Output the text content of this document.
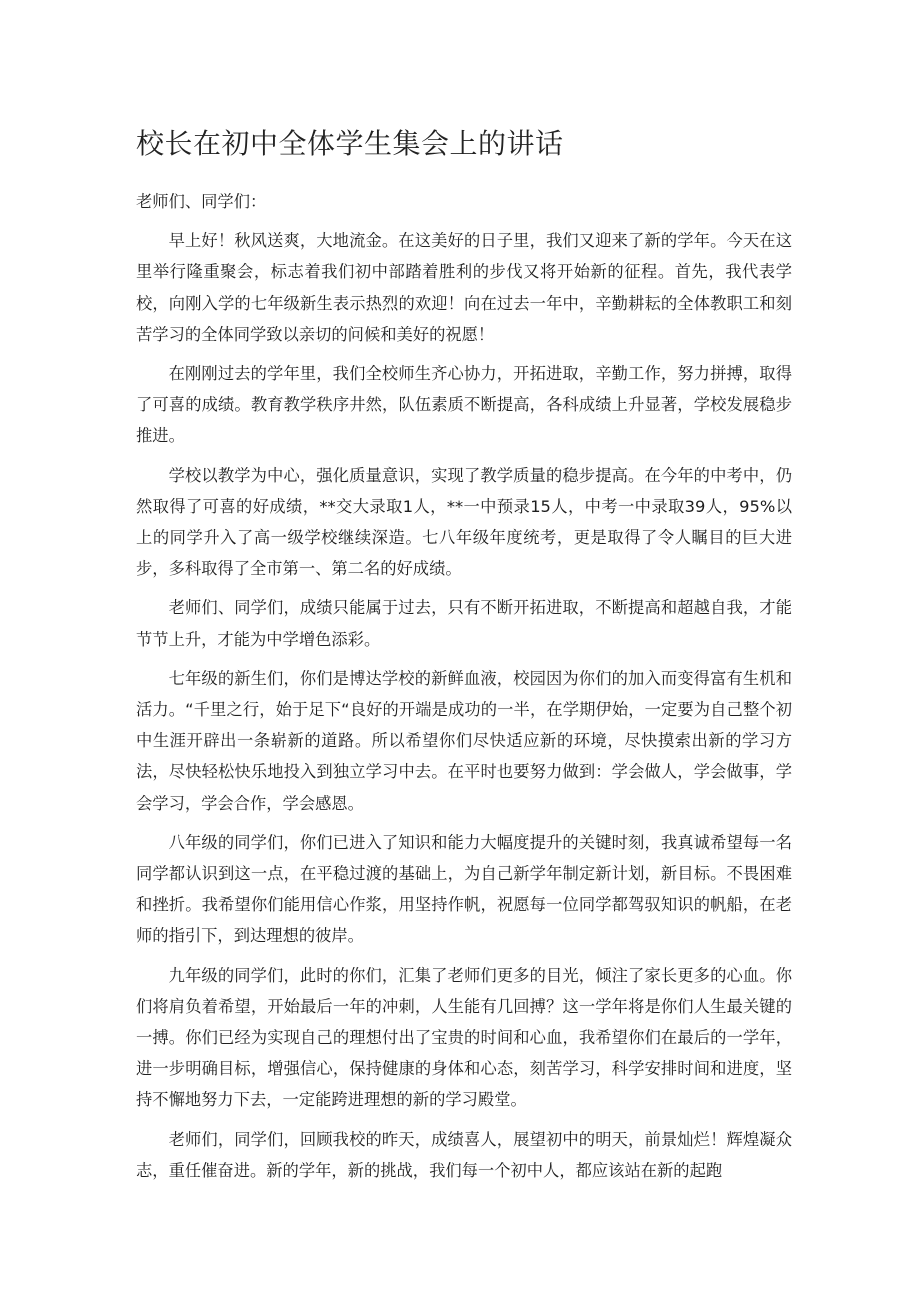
校长在初中全体学生集会上的讲话

老师们、同学们：

早上好！秋风送爽，大地流金。在这美好的日子里，我们又迎来了新的学年。今天在这里举行隆重聚会，标志着我们初中部踏着胜利的步伐又将开始新的征程。首先，我代表学校，向刚入学的七年级新生表示热烈的欢迎！向在过去一年中，辛勤耕耘的全体教职工和刻苦学习的全体同学致以亲切的问候和美好的祝愿！

在刚刚过去的学年里，我们全校师生齐心协力，开拓进取，辛勤工作，努力拼搏，取得了可喜的成绩。教育教学秩序井然，队伍素质不断提高，各科成绩上升显著，学校发展稳步推进。

学校以教学为中心，强化质量意识，实现了教学质量的稳步提高。在今年的中考中，仍然取得了可喜的好成绩，**交大录取1人，**一中预录15人，中考一中录取39人，95%以上的同学升入了高一级学校继续深造。七八年级年度统考，更是取得了令人瞩目的巨大进步，多科取得了全市第一、第二名的好成绩。

老师们、同学们，成绩只能属于过去，只有不断开拓进取，不断提高和超越自我，才能节节上升，才能为中学增色添彩。

七年级的新生们，你们是博达学校的新鲜血液，校园因为你们的加入而变得富有生机和活力。“千里之行，始于足下“良好的开端是成功的一半，在学期伊始，一定要为自己整个初中生涯开辟出一条崭新的道路。所以希望你们尽快适应新的环境，尽快摸索出新的学习方法，尽快轻松快乐地投入到独立学习中去。在平时也要努力做到：学会做人，学会做事，学会学习，学会合作，学会感恩。

八年级的同学们，你们已进入了知识和能力大幅度提升的关键时刻，我真诚希望每一名同学都认识到这一点，在平稳过渡的基础上，为自己新学年制定新计划，新目标。不畏困难和挫折。我希望你们能用信心作浆，用坚持作帆，祝愿每一位同学都驾驭知识的帆船，在老师的指引下，到达理想的彼岸。

九年级的同学们，此时的你们，汇集了老师们更多的目光，倾注了家长更多的心血。你们将肩负着希望，开始最后一年的冲刺，人生能有几回搏？这一学年将是你们人生最关键的一搏。你们已经为实现自己的理想付出了宝贵的时间和心血，我希望你们在最后的一学年，进一步明确目标，增强信心，保持健康的身体和心态，刻苦学习，科学安排时间和进度，坚持不懈地努力下去，一定能跨进理想的新的学习殿堂。

老师们，同学们，回顾我校的昨天，成绩喜人，展望初中的明天，前景灿烂！辉煌凝众志，重任催奋进。新的学年，新的挑战，我们每一个初中人，都应该站在新的起跑
